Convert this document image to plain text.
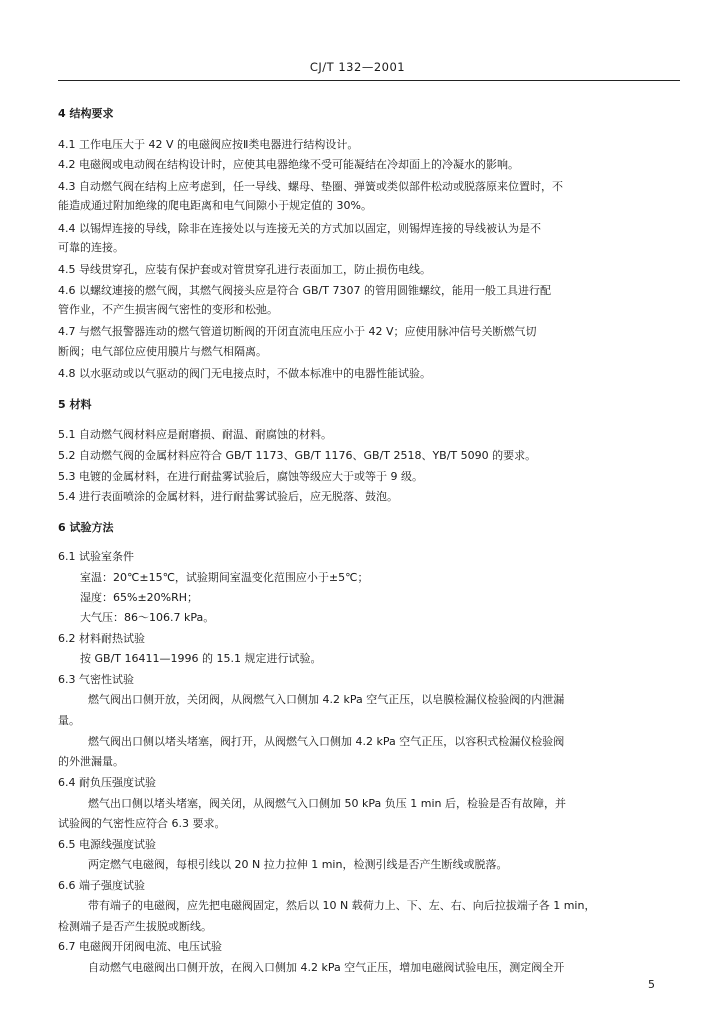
CJ/T 132—2001
4 结构要求
4.1 工作电压大于 42 V 的电磁阀应按Ⅱ类电器进行结构设计。
4.2 电磁阀或电动阀在结构设计时，应使其电器绝缘不受可能凝结在冷却面上的冷凝水的影响。
4.3 自动燃气阀在结构上应考虑到，任一导线、螺母、垫圈、弹簧或类似部件松动或脱落原来位置时，不
能造成通过附加绝缘的爬电距离和电气间隙小于规定值的 30%。
4.4 以锡焊连接的导线，除非在连接处以与连接无关的方式加以固定，则锡焊连接的导线被认为是不
可靠的连接。
4.5 导线贯穿孔，应装有保护套或对管贯穿孔进行表面加工，防止损伤电线。
4.6 以螺纹連接的燃气阀，其燃气阀接头应是符合 GB/T 7307 的管用圆锥螺纹，能用一般工具进行配
管作业，不产生损害阀气密性的变形和松弛。
4.7 与燃气报警器连动的燃气管道切断阀的开闭直流电压应小于 42 V；应使用脉冲信号关断燃气切
断阀；电气部位应使用膜片与燃气相隔离。
4.8 以水驱动或以气驱动的阀门无电接点时，不做本标准中的电器性能试验。
5 材料
5.1 自动燃气阀材料应是耐磨损、耐温、耐腐蚀的材料。
5.2 自动燃气阀的金属材料应符合 GB/T 1173、GB/T 1176、GB/T 2518、YB/T 5090 的要求。
5.3 电镀的金属材料，在进行耐盐雾试验后，腐蚀等级应大于或等于 9 级。
5.4 进行表面喷涂的金属材料，进行耐盐雾试验后，应无脱落、鼓泡。
6 试验方法
6.1 试验室条件
室温：20℃±15℃，试验期间室温变化范围应小于±5℃；
湿度：65%±20%RH；
大气压：86～106.7 kPa。
6.2 材料耐热试验
按 GB/T 16411—1996 的 15.1 规定进行试验。
6.3 气密性试验
燃气阀出口侧开放，关闭阀，从阀燃气入口侧加 4.2 kPa 空气正压，以皂膜检漏仪检验阀的内泄漏
量。
燃气阀出口侧以堵头堵塞，阀打开，从阀燃气入口侧加 4.2 kPa 空气正压，以容积式检漏仪检验阀
的外泄漏量。
6.4 耐负压强度试验
燃气出口侧以堵头堵塞，阀关闭，从阀燃气入口侧加 50 kPa 负压 1 min 后，检验是否有故障，并
试验阀的气密性应符合 6.3 要求。
6.5 电源线强度试验
两定燃气电磁阀，每根引线以 20 N 拉力拉伸 1 min，检测引线是否产生断线或脱落。
6.6 端子强度试验
带有端子的电磁阀，应先把电磁阀固定，然后以 10 N 载荷力上、下、左、右、向后拉拔端子各 1 min，
检测端子是否产生拔脱或断线。
6.7 电磁阀开闭阀电流、电压试验
自动燃气电磁阀出口侧开放，在阀入口侧加 4.2 kPa 空气正压，增加电磁阀试验电压，测定阀全开
5
